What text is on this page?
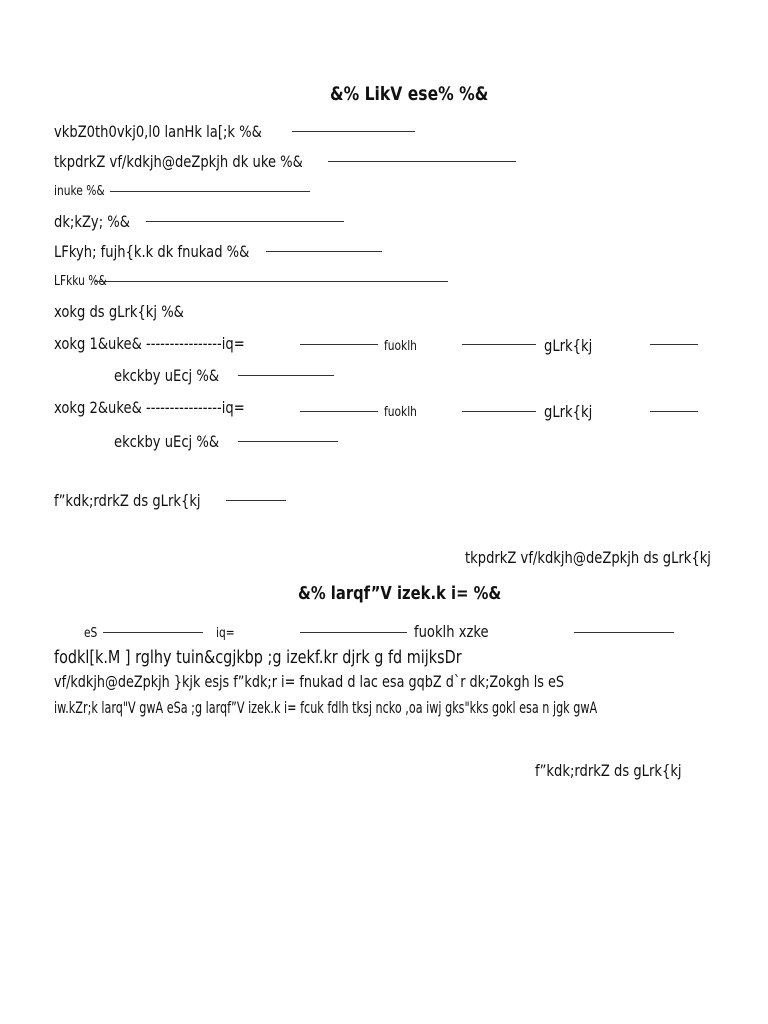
&% LikV ese% %&
vkbZ0th0vkj0,l0 lanHk la[;k %&
tkpdrkZ vf/kdkjh@deZpkjh dk uke %&
inuke %&
dk;kZy; %&
LFkyh; fujh{k.k dk fnukad %&
LFkku %&
xokg ds gLrk{kj %&
xokg 1&uke& ----------------iq=	fuoklh	gLrk{kj
ekckby uEcj %&
xokg 2&uke& ----------------iq=	fuoklh	gLrk{kj
ekckby uEcj %&
f”kdk;rdrkZ ds gLrk{kj
tkpdrkZ vf/kdkjh@deZpkjh ds gLrk{kj
&% larqf”V izek.k i= %&
eS	iq=	fuoklh xzke
fodkl[k.M ] rglhy tuin&cgjkbp ;g izekf.kr djrk g fd mijksDr
vf/kdkjh@deZpkjh }kjk esjs f”kdk;r i= fnukad d lac esa gqbZ d`r dk;Zokgh ls eS
iw.kZr;k larq"V gwA eSa ;g larqf”V izek.k i= fcuk fdlh tksj ncko ,oa iwj gks"kks gokl esa n jgk gwA
f”kdk;rdrkZ ds gLrk{kj
